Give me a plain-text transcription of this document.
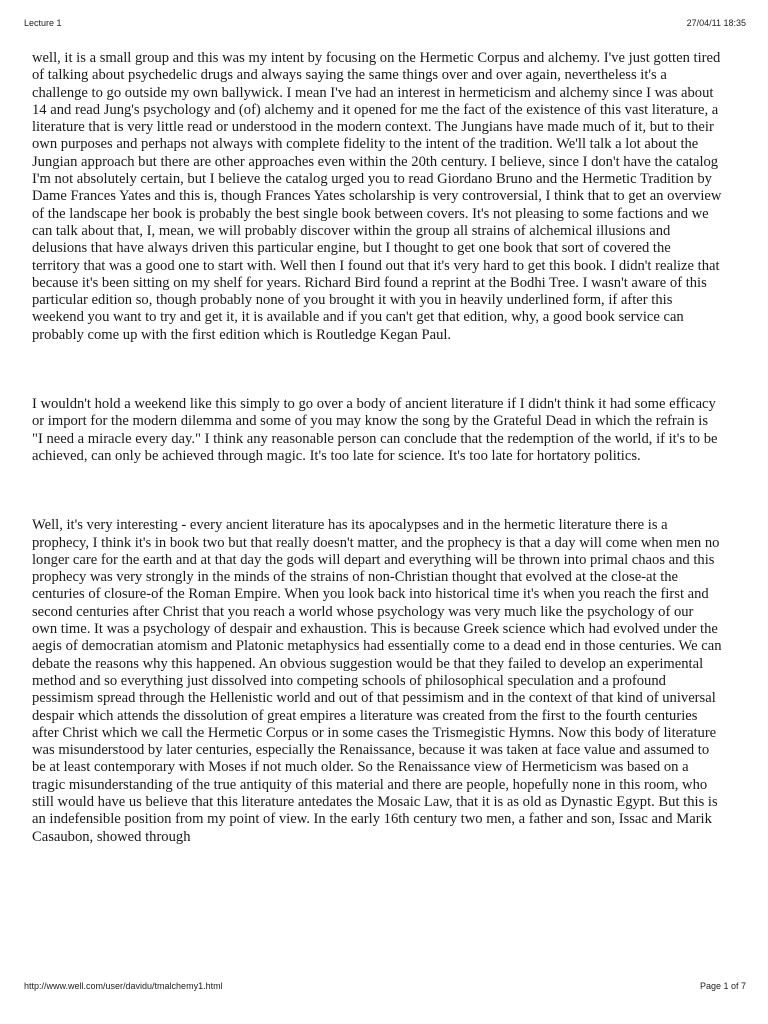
Lecture 1	27/04/11 18:35

well, it is a small group and this was my intent by focusing on the Hermetic Corpus and alchemy. I've just gotten tired of talking about psychedelic drugs and always saying the same things over and over again, nevertheless it's a challenge to go outside my own ballywick. I mean I've had an interest in hermeticism and alchemy since I was about 14 and read Jung's psychology and (of) alchemy and it opened for me the fact of the existence of this vast literature, a literature that is very little read or understood in the modern context. The Jungians have made much of it, but to their own purposes and perhaps not always with complete fidelity to the intent of the tradition. We'll talk a lot about the Jungian approach but there are other approaches even within the 20th century. I believe, since I don't have the catalog I'm not absolutely certain, but I believe the catalog urged you to read Giordano Bruno and the Hermetic Tradition by Dame Frances Yates and this is, though Frances Yates scholarship is very controversial, I think that to get an overview of the landscape her book is probably the best single book between covers. It's not pleasing to some factions and we can talk about that, I, mean, we will probably discover within the group all strains of alchemical illusions and delusions that have always driven this particular engine, but I thought to get one book that sort of covered the territory that was a good one to start with. Well then I found out that it's very hard to get this book. I didn't realize that because it's been sitting on my shelf for years. Richard Bird found a reprint at the Bodhi Tree. I wasn't aware of this particular edition so, though probably none of you brought it with you in heavily underlined form, if after this weekend you want to try and get it, it is available and if you can't get that edition, why, a good book service can probably come up with the first edition which is Routledge Kegan Paul.

I wouldn't hold a weekend like this simply to go over a body of ancient literature if I didn't think it had some efficacy or import for the modern dilemma and some of you may know the song by the Grateful Dead in which the refrain is "I need a miracle every day." I think any reasonable person can conclude that the redemption of the world, if it's to be achieved, can only be achieved through magic. It's too late for science. It's too late for hortatory politics.

Well, it's very interesting - every ancient literature has its apocalypses and in the hermetic literature there is a prophecy, I think it's in book two but that really doesn't matter, and the prophecy is that a day will come when men no longer care for the earth and at that day the gods will depart and everything will be thrown into primal chaos and this prophecy was very strongly in the minds of the strains of non-Christian thought that evolved at the close-at the centuries of closure-of the Roman Empire. When you look back into historical time it's when you reach the first and second centuries after Christ that you reach a world whose psychology was very much like the psychology of our own time. It was a psychology of despair and exhaustion. This is because Greek science which had evolved under the aegis of democratian atomism and Platonic metaphysics had essentially come to a dead end in those centuries. We can debate the reasons why this happened. An obvious suggestion would be that they failed to develop an experimental method and so everything just dissolved into competing schools of philosophical speculation and a profound pessimism spread through the Hellenistic world and out of that pessimism and in the context of that kind of universal despair which attends the dissolution of great empires a literature was created from the first to the fourth centuries after Christ which we call the Hermetic Corpus or in some cases the Trismegistic Hymns. Now this body of literature was misunderstood by later centuries, especially the Renaissance, because it was taken at face value and assumed to be at least contemporary with Moses if not much older. So the Renaissance view of Hermeticism was based on a tragic misunderstanding of the true antiquity of this material and there are people, hopefully none in this room, who still would have us believe that this literature antedates the Mosaic Law, that it is as old as Dynastic Egypt. But this is an indefensible position from my point of view. In the early 16th century two men, a father and son, Issac and Marik Casaubon, showed through

http://www.well.com/user/davidu/tmalchemy1.html	Page 1 of 7
